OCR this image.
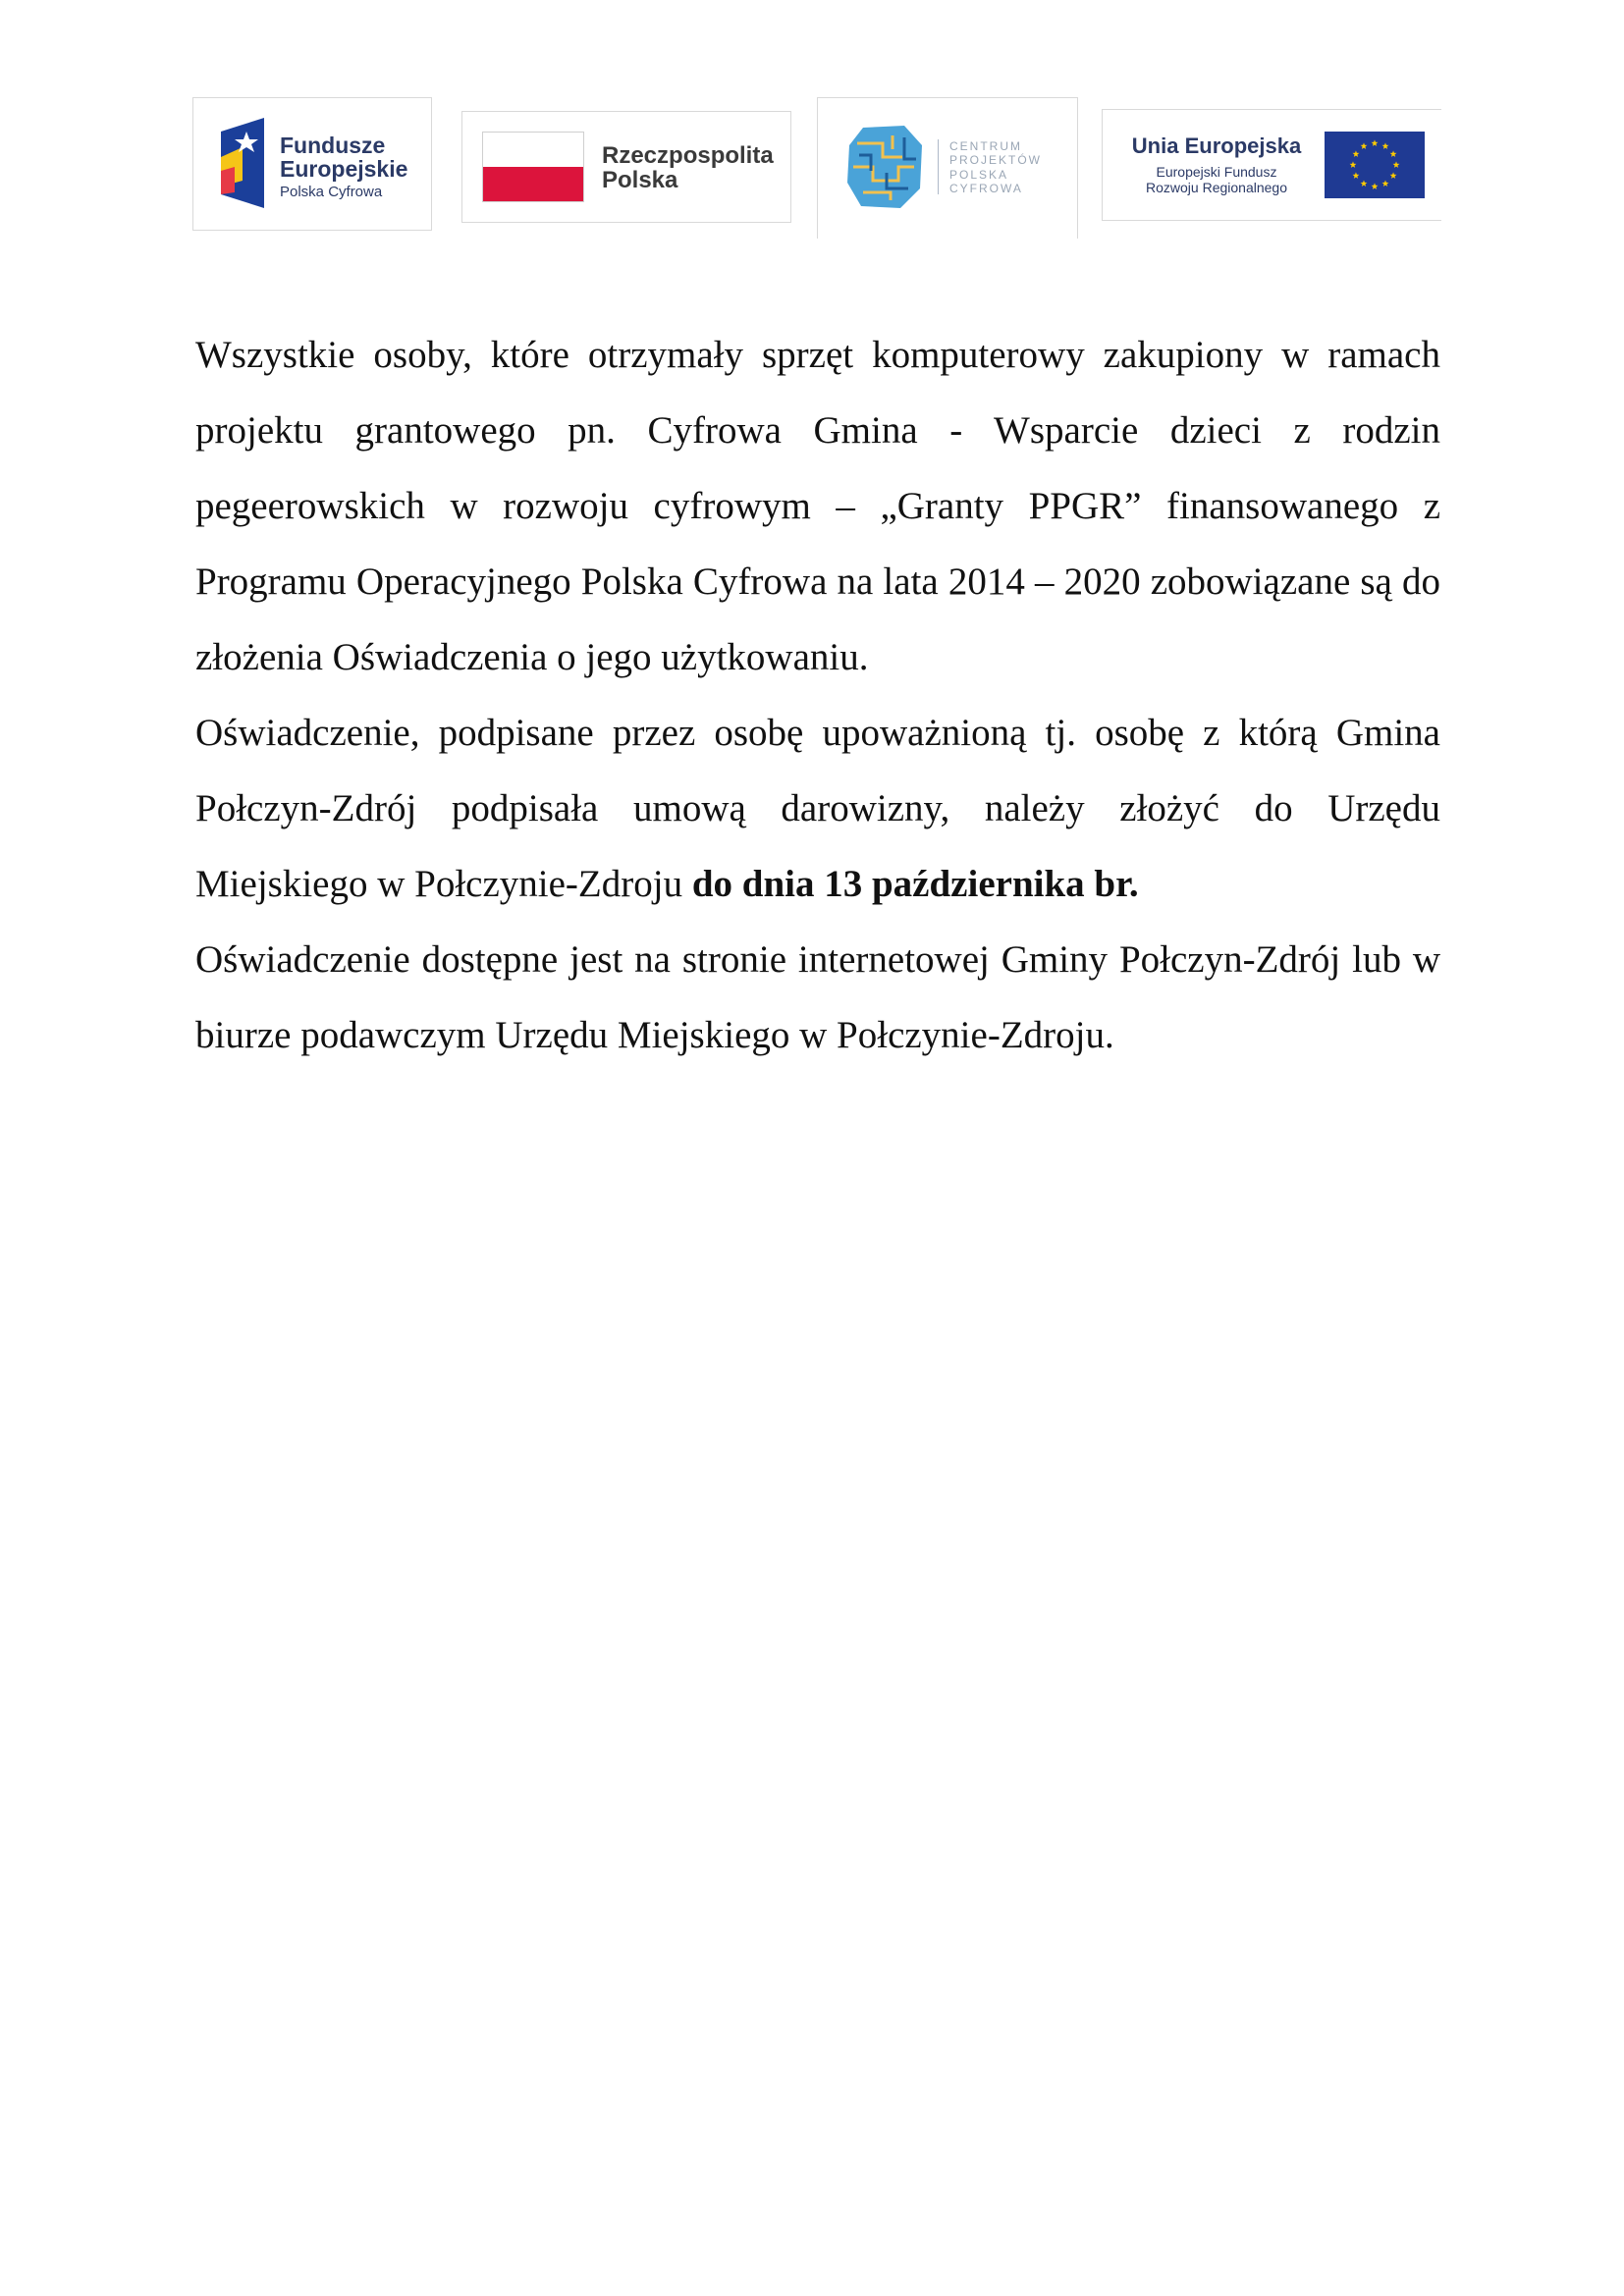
Fundusze
Europejskie
Polska Cyfrowa
Rzeczpospolita
Polska
CENTRUM
PROJEKTÓW
POLSKA
CYFROWA
Unia Europejska
Europejski Fundusz
Rozwoju Regionalnego

Wszystkie osoby, które otrzymały sprzęt komputerowy zakupiony w ramach projektu grantowego pn. Cyfrowa Gmina - Wsparcie dzieci z rodzin pegeerowskich w rozwoju cyfrowym – „Granty PPGR” finansowanego z Programu Operacyjnego Polska Cyfrowa na lata 2014 – 2020 zobowiązane są do złożenia Oświadczenia o jego użytkowaniu.

Oświadczenie, podpisane przez osobę upoważnioną tj. osobę z którą Gmina Połczyn-Zdrój podpisała umową darowizny, należy złożyć do Urzędu Miejskiego w Połczynie-Zdroju do dnia 13 października br.

Oświadczenie dostępne jest na stronie internetowej Gminy Połczyn-Zdrój lub w biurze podawczym Urzędu Miejskiego w Połczynie-Zdroju.
